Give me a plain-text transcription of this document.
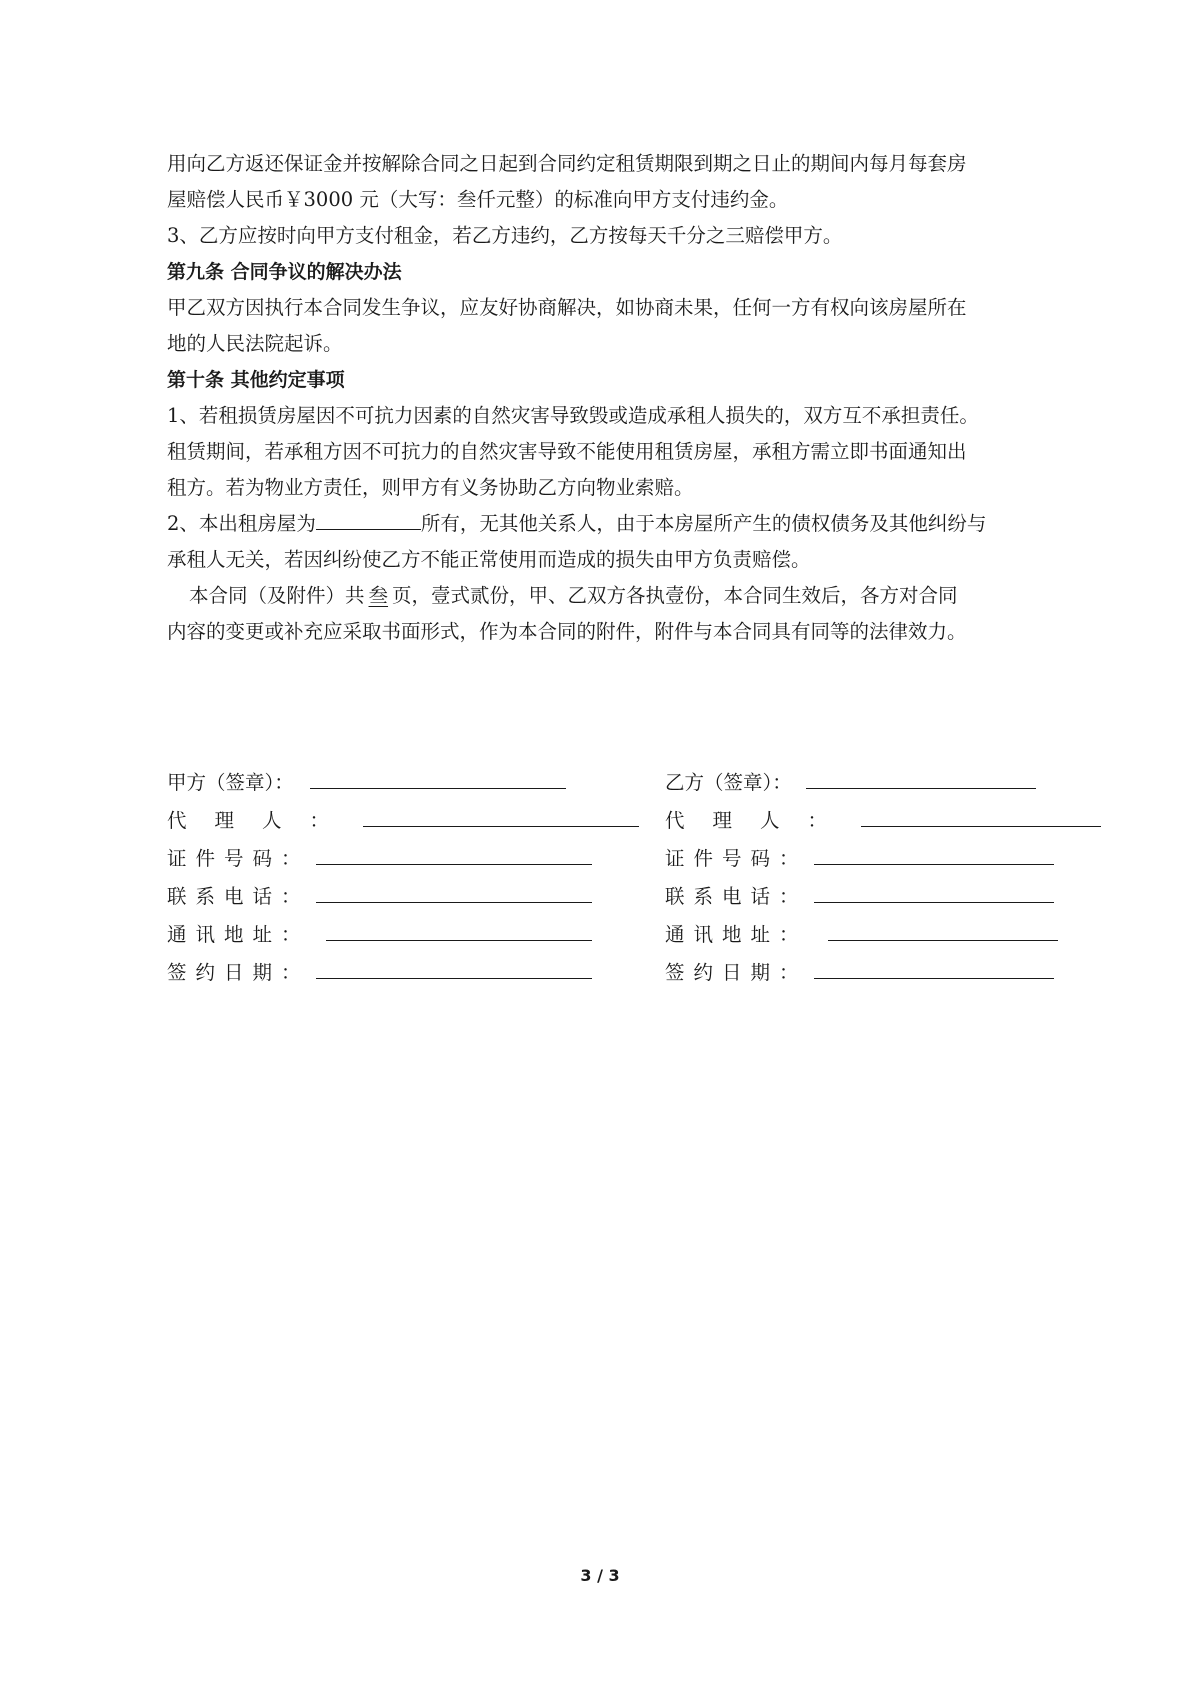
用向乙方返还保证金并按解除合同之日起到合同约定租赁期限到期之日止的期间内每月每套房

屋赔偿人民币￥3000 元（大写：叁仟元整）的标准向甲方支付违约金。

3、乙方应按时向甲方支付租金，若乙方违约，乙方按每天千分之三赔偿甲方。

第九条 合同争议的解决办法

甲乙双方因执行本合同发生争议，应友好协商解决，如协商未果，任何一方有权向该房屋所在

地的人民法院起诉。

第十条 其他约定事项

1、若租损赁房屋因不可抗力因素的自然灾害导致毁或造成承租人损失的，双方互不承担责任。

租赁期间，若承租方因不可抗力的自然灾害导致不能使用租赁房屋，承租方需立即书面通知出

租方。若为物业方责任，则甲方有义务协助乙方向物业索赔。

2、本出租房屋为	所有，无其他关系人，由于本房屋所产生的债权债务及其他纠纷与

承租人无关，若因纠纷使乙方不能正常使用而造成的损失由甲方负责赔偿。

本合同（及附件）共 叁 页，壹式贰份，甲、乙双方各执壹份，本合同生效后，各方对合同

内容的变更或补充应采取书面形式，作为本合同的附件，附件与本合同具有同等的法律效力。

甲方（签章）：
代理人：
证件号码：
联系电话：
通讯地址：
签约日期：
乙方（签章）：
代理人：
证件号码：
联系电话：
通讯地址：
签约日期：
3 / 3
